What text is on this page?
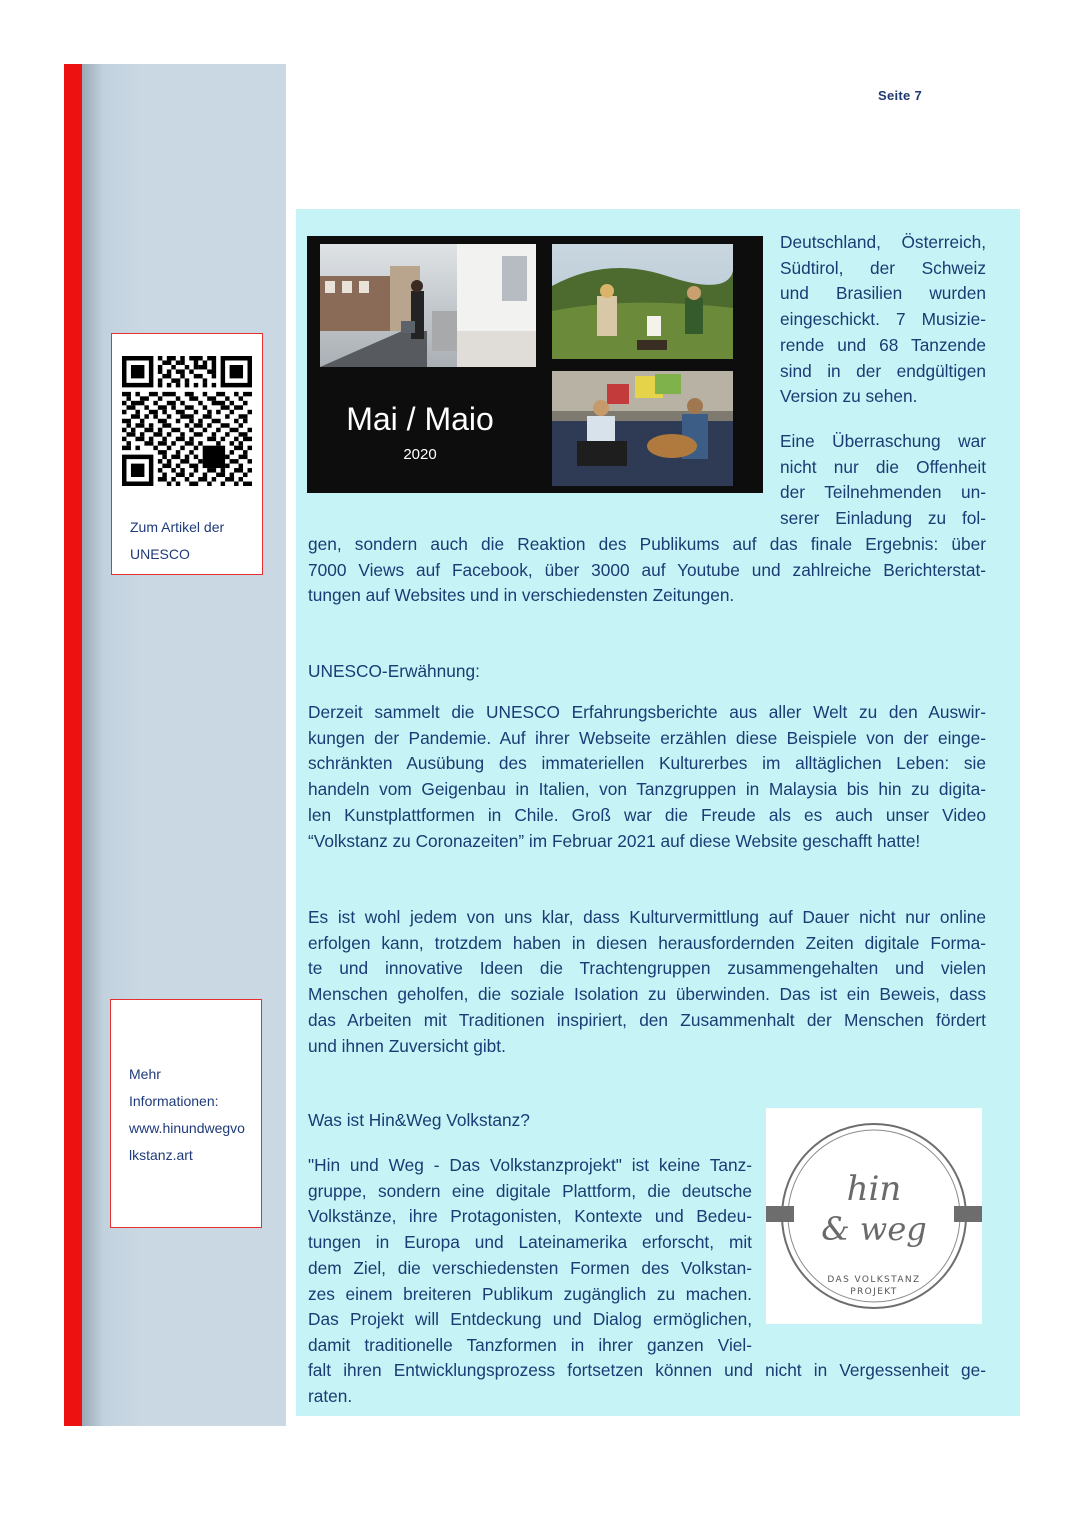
Seite 7
Zum Artikel der
UNESCO
Mehr
Informationen:
www.hinundwegvo
lkstanz.art
Mai / Maio
2020
Deutschland, Österreich,
Südtirol, der Schweiz
und Brasilien wurden
eingeschickt. 7 Musizie-
rende und 68 Tanzende
sind in der endgültigen
Version zu sehen.
Eine Überraschung war
nicht nur die Offenheit
der Teilnehmenden un-
serer Einladung zu fol-
gen, sondern auch die Reaktion des Publikums auf das finale Ergebnis: über
7000 Views auf Facebook, über 3000 auf Youtube und zahlreiche Berichterstat-
tungen auf Websites und in verschiedensten Zeitungen.
UNESCO-Erwähnung:
Derzeit sammelt die UNESCO Erfahrungsberichte aus aller Welt zu den Auswir-
kungen der Pandemie. Auf ihrer Webseite erzählen diese Beispiele von der einge-
schränkten Ausübung des immateriellen Kulturerbes im alltäglichen Leben: sie
handeln vom Geigenbau in Italien, von Tanzgruppen in Malaysia bis hin zu digita-
len Kunstplattformen in Chile. Groß war die Freude als es auch unser Video
“Volkstanz zu Coronazeiten” im Februar 2021 auf diese Website geschafft hatte!
Es ist wohl jedem von uns klar, dass Kulturvermittlung auf Dauer nicht nur online
erfolgen kann, trotzdem haben in diesen herausfordernden Zeiten digitale Forma-
te und innovative Ideen die Trachtengruppen zusammengehalten und vielen
Menschen geholfen, die soziale Isolation zu überwinden. Das ist ein Beweis, dass
das Arbeiten mit Traditionen inspiriert, den Zusammenhalt der Menschen fördert
und ihnen Zuversicht gibt.
Was ist Hin&Weg Volkstanz?
"Hin und Weg - Das Volkstanzprojekt" ist keine Tanz-
gruppe, sondern eine digitale Plattform, die deutsche
Volkstänze, ihre Protagonisten, Kontexte und Bedeu-
tungen in Europa und Lateinamerika erforscht, mit
dem Ziel, die verschiedensten Formen des Volkstan-
zes einem breiteren Publikum zugänglich zu machen.
Das Projekt will Entdeckung und Dialog ermöglichen,
damit traditionelle Tanzformen in ihrer ganzen Viel-
falt ihren Entwicklungsprozess fortsetzen können und nicht in Vergessenheit ge-
raten.
hin
& weg
DAS VOLKSTANZ
PROJEKT
